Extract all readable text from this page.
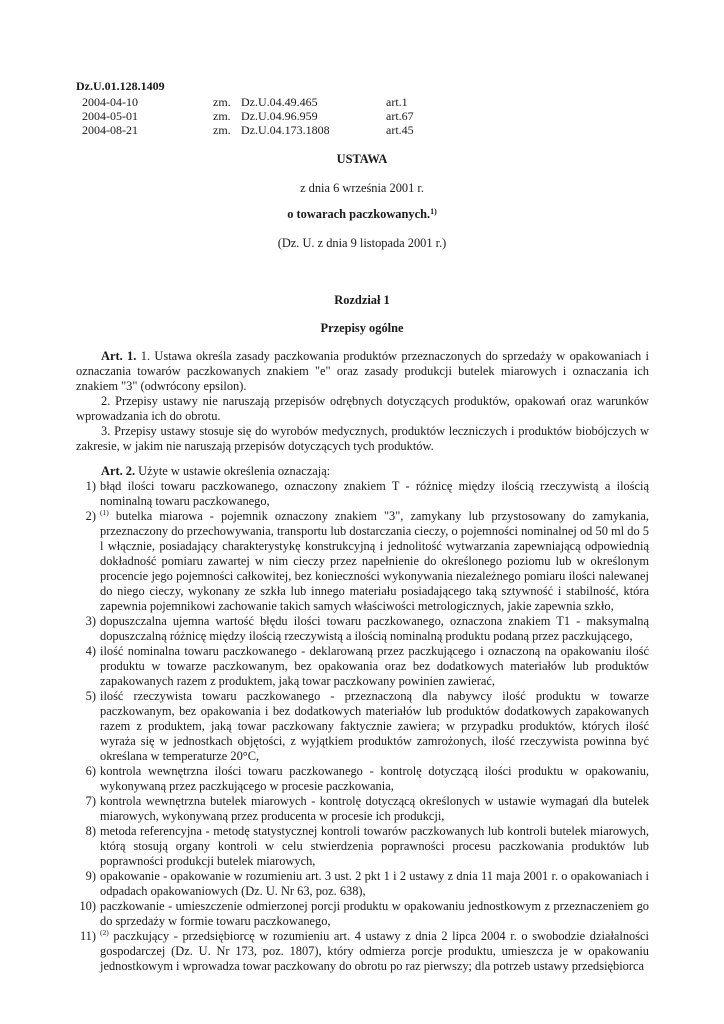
Dz.U.01.128.1409
2004-04-10	zm. Dz.U.04.49.465	art.1
2004-05-01	zm. Dz.U.04.96.959	art.67
2004-08-21	zm. Dz.U.04.173.1808	art.45
USTAWA
z dnia 6 września 2001 r.
o towarach paczkowanych.$^{1)}$
(Dz. U. z dnia 9 listopada 2001 r.)
Rozdział 1
Przepisy ogólne

Art. 1. 1. Ustawa określa zasady paczkowania produktów przeznaczonych do sprzedaży w opakowaniach i oznaczania towarów paczkowanych znakiem "e" oraz zasady produkcji butelek miarowych i oznaczania ich znakiem "3" (odwrócony epsilon).

2. Przepisy ustawy nie naruszają przepisów odrębnych dotyczących produktów, opakowań oraz warunków wprowadzania ich do obrotu.

3. Przepisy ustawy stosuje się do wyrobów medycznych, produktów leczniczych i produktów biobójczych w zakresie, w jakim nie naruszają przepisów dotyczących tych produktów.

Art. 2. Użyte w ustawie określenia oznaczają:

1) błąd ilości towaru paczkowanego, oznaczony znakiem T - różnicę między ilością rzeczywistą a ilością nominalną towaru paczkowanego,
2) $^{(1)}$ butelka miarowa - pojemnik oznaczony znakiem "3", zamykany lub przystosowany do zamykania, przeznaczony do przechowywania, transportu lub dostarczania cieczy, o pojemności nominalnej od 50 ml do 5 l włącznie, posiadający charakterystykę konstrukcyjną i jednolitość wytwarzania zapewniającą odpowiednią dokładność pomiaru zawartej w nim cieczy przez napełnienie do określonego poziomu lub w określonym procencie jego pojemności całkowitej, bez konieczności wykonywania niezależnego pomiaru ilości nalewanej do niego cieczy, wykonany ze szkła lub innego materiału posiadającego taką sztywność i stabilność, która zapewnia pojemnikowi zachowanie takich samych właściwości metrologicznych, jakie zapewnia szkło,
3) dopuszczalna ujemna wartość błędu ilości towaru paczkowanego, oznaczona znakiem T1 - maksymalną dopuszczalną różnicę między ilością rzeczywistą a ilością nominalną produktu podaną przez paczkującego,
4) ilość nominalna towaru paczkowanego - deklarowaną przez paczkującego i oznaczoną na opakowaniu ilość produktu w towarze paczkowanym, bez opakowania oraz bez dodatkowych materiałów lub produktów zapakowanych razem z produktem, jaką towar paczkowany powinien zawierać,
5) ilość rzeczywista towaru paczkowanego - przeznaczoną dla nabywcy ilość produktu w towarze paczkowanym, bez opakowania i bez dodatkowych materiałów lub produktów dodatkowych zapakowanych razem z produktem, jaką towar paczkowany faktycznie zawiera; w przypadku produktów, których ilość wyraża się w jednostkach objętości, z wyjątkiem produktów zamrożonych, ilość rzeczywista powinna być określana w temperaturze 20°C,
6) kontrola wewnętrzna ilości towaru paczkowanego - kontrolę dotyczącą ilości produktu w opakowaniu, wykonywaną przez paczkującego w procesie paczkowania,
7) kontrola wewnętrzna butelek miarowych - kontrolę dotyczącą określonych w ustawie wymagań dla butelek miarowych, wykonywaną przez producenta w procesie ich produkcji,
8) metoda referencyjna - metodę statystycznej kontroli towarów paczkowanych lub kontroli butelek miarowych, którą stosują organy kontroli w celu stwierdzenia poprawności procesu paczkowania produktów lub poprawności produkcji butelek miarowych,
9) opakowanie - opakowanie w rozumieniu art. 3 ust. 2 pkt 1 i 2 ustawy z dnia 11 maja 2001 r. o opakowaniach i odpadach opakowaniowych (Dz. U. Nr 63, poz. 638),
10) paczkowanie - umieszczenie odmierzonej porcji produktu w opakowaniu jednostkowym z przeznaczeniem go do sprzedaży w formie towaru paczkowanego,
11) $^{(2)}$ paczkujący - przedsiębiorcę w rozumieniu art. 4 ustawy z dnia 2 lipca 2004 r. o swobodzie działalności gospodarczej (Dz. U. Nr 173, poz. 1807), który odmierza porcje produktu, umieszcza je w opakowaniu jednostkowym i wprowadza towar paczkowany do obrotu po raz pierwszy; dla potrzeb ustawy przedsiębiorca
